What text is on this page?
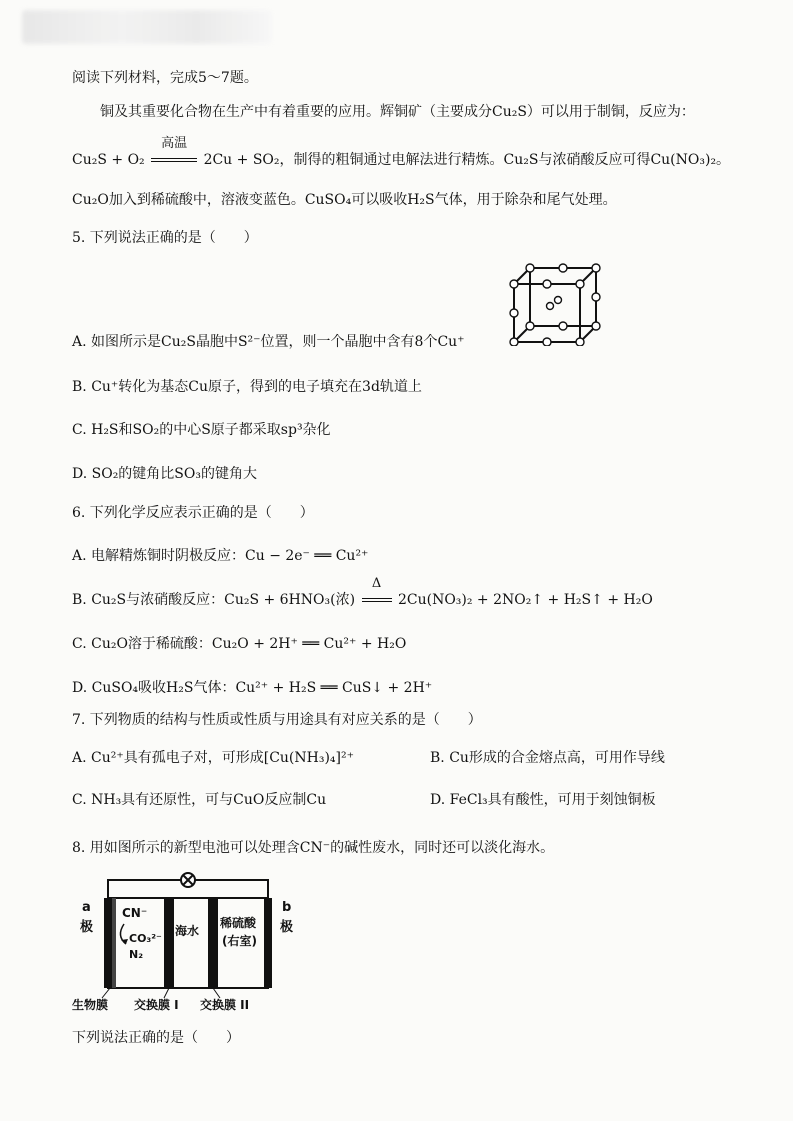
阅读下列材料，完成5～7题。
铜及其重要化合物在生产中有着重要的应用。辉铜矿（主要成分Cu₂S）可以用于制铜，反应为：
Cu₂S + O₂
高温
2Cu + SO₂，制得的粗铜通过电解法进行精炼。Cu₂S与浓硝酸反应可得Cu(NO₃)₂。
Cu₂O加入到稀硫酸中，溶液变蓝色。CuSO₄可以吸收H₂S气体，用于除杂和尾气处理。
5. 下列说法正确的是（　　）
A. 如图所示是Cu₂S晶胞中S²⁻位置，则一个晶胞中含有8个Cu⁺
B. Cu⁺转化为基态Cu原子，得到的电子填充在3d轨道上
C. H₂S和SO₂的中心S原子都采取sp³杂化
D. SO₂的键角比SO₃的键角大
6. 下列化学反应表示正确的是（　　）
A. 电解精炼铜时阴极反应：Cu − 2e⁻ ══ Cu²⁺
B. Cu₂S与浓硝酸反应：Cu₂S + 6HNO₃(浓)
Δ
2Cu(NO₃)₂ + 2NO₂↑ + H₂S↑ + H₂O
C. Cu₂O溶于稀硫酸：Cu₂O + 2H⁺ ══ Cu²⁺ + H₂O
D. CuSO₄吸收H₂S气体：Cu²⁺ + H₂S ══ CuS↓ + 2H⁺
7. 下列物质的结构与性质或性质与用途具有对应关系的是（　　）
A. Cu²⁺具有孤电子对，可形成[Cu(NH₃)₄]²⁺	B. Cu形成的合金熔点高，可用作导线
C. NH₃具有还原性，可与CuO反应制Cu	D. FeCl₃具有酸性，可用于刻蚀铜板
8. 用如图所示的新型电池可以处理含CN⁻的碱性废水，同时还可以淡化海水。
a
极
b
极
CN⁻
CO₃²⁻
N₂
海水
稀硫酸
(右室)
生物膜 交换膜 I 交换膜 II
下列说法正确的是（　　）
